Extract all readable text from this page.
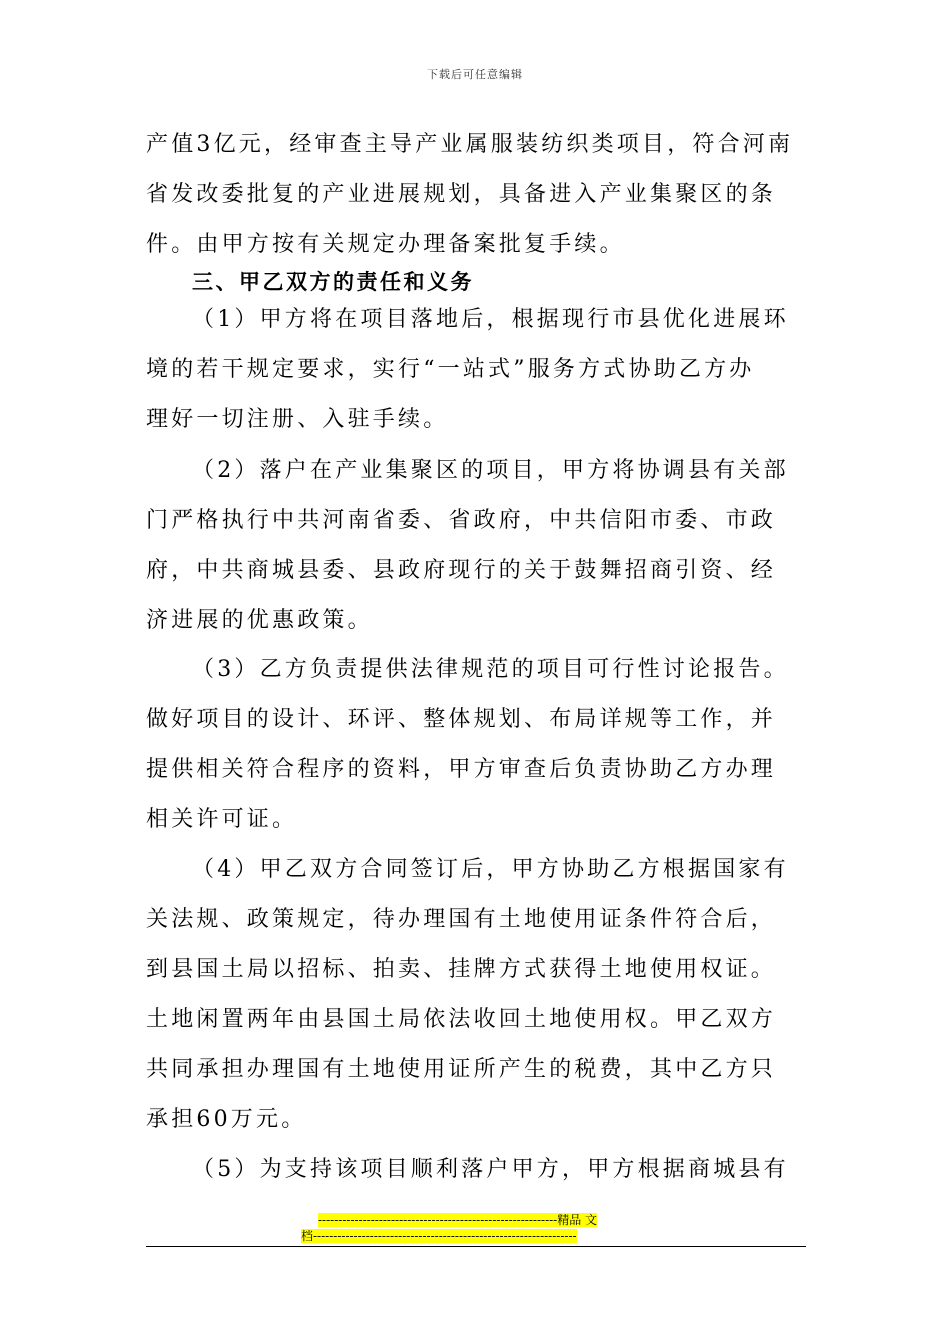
下载后可任意编辑
产值3亿元，经审查主导产业属服装纺织类项目，符合河南
省发改委批复的产业进展规划，具备进入产业集聚区的条
件。由甲方按有关规定办理备案批复手续。
三、甲乙双方的责任和义务
（1）甲方将在项目落地后，根据现行市县优化进展环
境的若干规定要求，实行“一站式”服务方式协助乙方办
理好一切注册、入驻手续。
（2）落户在产业集聚区的项目，甲方将协调县有关部
门严格执行中共河南省委、省政府，中共信阳市委、市政
府，中共商城县委、县政府现行的关于鼓舞招商引资、经
济进展的优惠政策。
（3）乙方负责提供法律规范的项目可行性讨论报告。
做好项目的设计、环评、整体规划、布局详规等工作，并
提供相关符合程序的资料，甲方审查后负责协助乙方办理
相关许可证。
（4）甲乙双方合同签订后，甲方协助乙方根据国家有
关法规、政策规定，待办理国有土地使用证条件符合后，
到县国土局以招标、拍卖、挂牌方式获得土地使用权证。
土地闲置两年由县国土局依法收回土地使用权。甲乙双方
共同承担办理国有土地使用证所产生的税费，其中乙方只
承担60万元。
（5）为支持该项目顺利落户甲方，甲方根据商城县有
-----------------------------------------------------------精品 文
档-----------------------------------------------------------------
